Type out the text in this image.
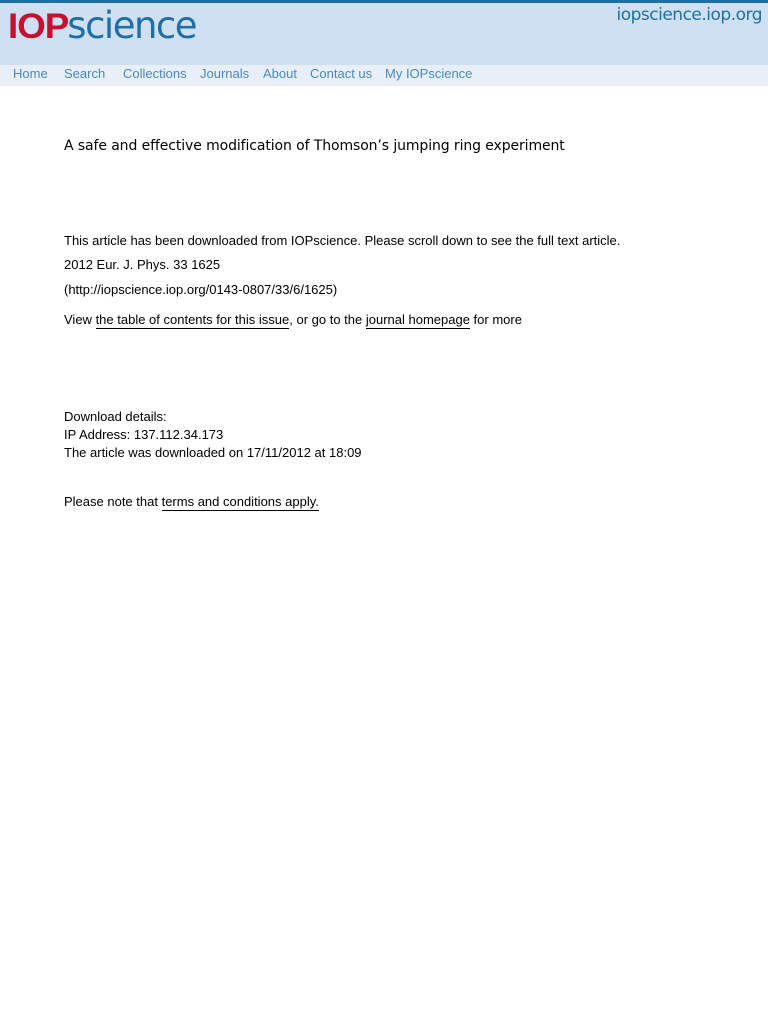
IOPscience	iopscience.iop.org
Home Search Collections Journals About Contact us My IOPscience
A safe and effective modification of Thomson’s jumping ring experiment
This article has been downloaded from IOPscience. Please scroll down to see the full text article.
2012 Eur. J. Phys. 33 1625
(http://iopscience.iop.org/0143-0807/33/6/1625)
View the table of contents for this issue, or go to the journal homepage for more
Download details:
IP Address: 137.112.34.173
The article was downloaded on 17/11/2012 at 18:09
Please note that terms and conditions apply.
